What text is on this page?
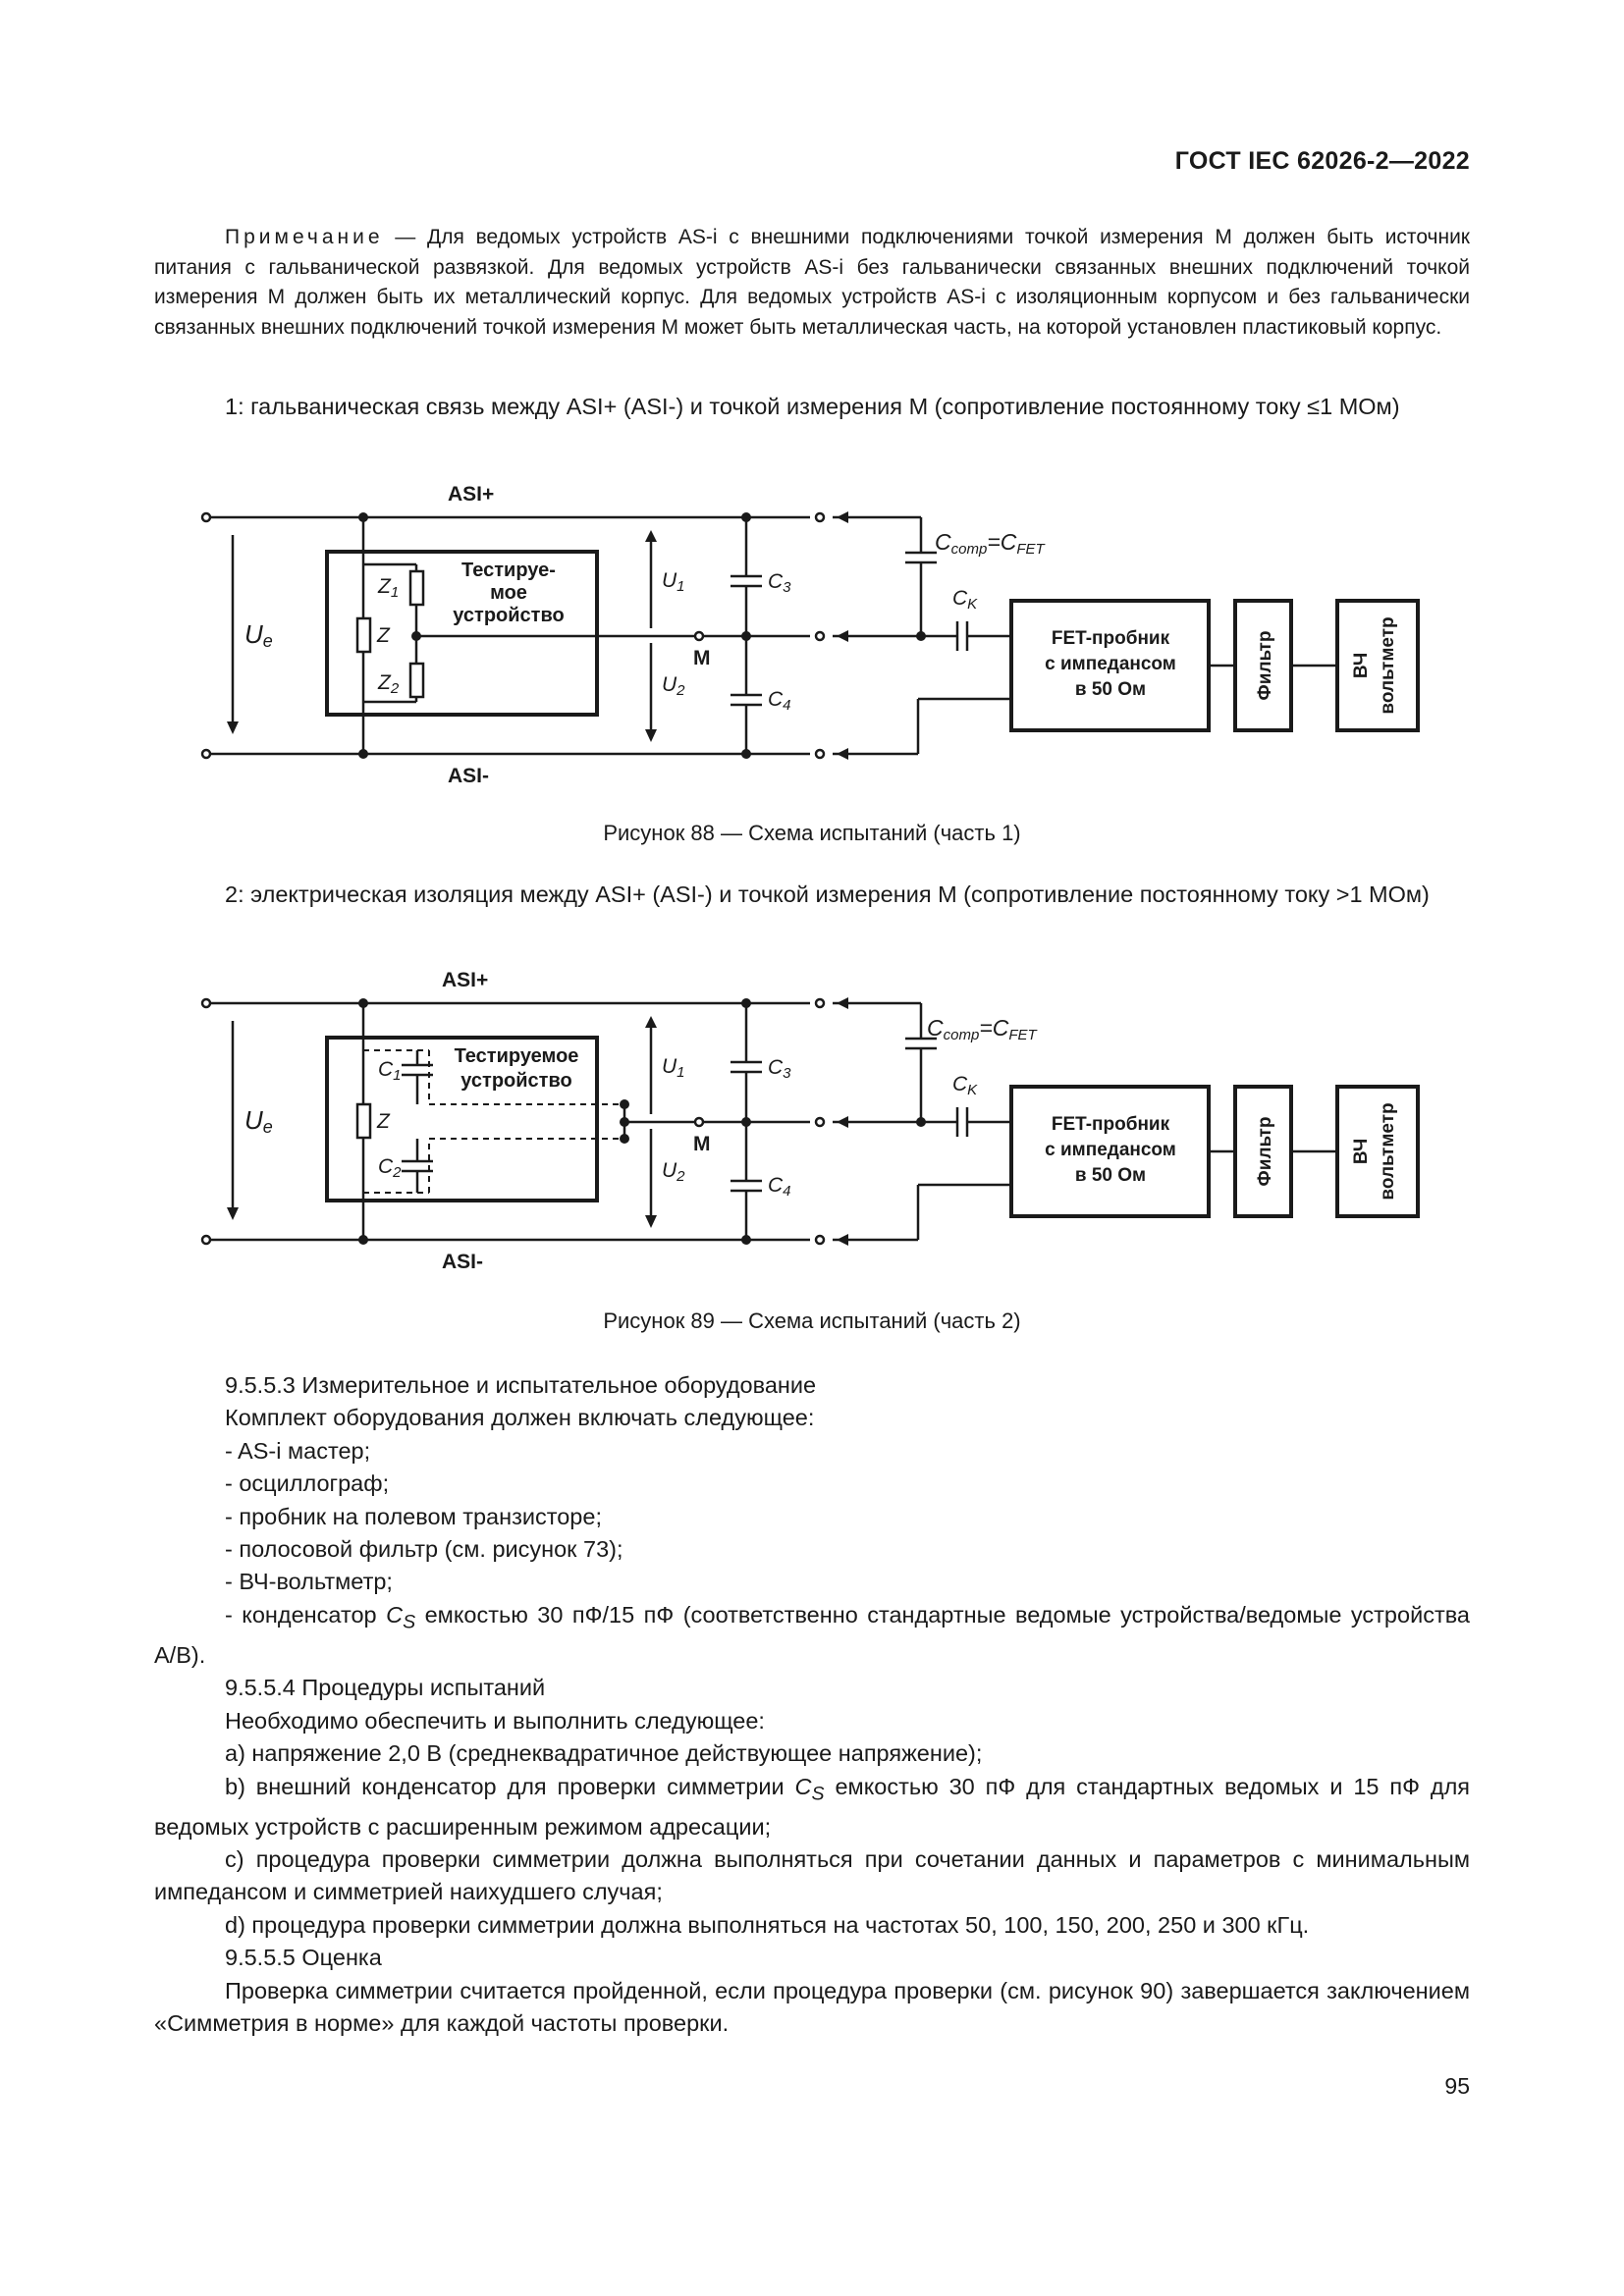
ГОСТ IEC 62026-2—2022
Примечание — Для ведомых устройств AS-i с внешними подключениями точкой измерения M должен быть источник питания с гальванической развязкой. Для ведомых устройств AS-i без гальванически связанных внешних подключений точкой измерения M должен быть их металлический корпус. Для ведомых устройств AS-i с изоляционным корпусом и без гальванически связанных внешних подключений точкой измерения M может быть металлическая часть, на которой установлен пластиковый корпус.
1: гальваническая связь между ASI+ (ASI-) и точкой измерения M (сопротивление постоянному току ≤1 МОм)
ASI+
ASI-
Ue
Z1
Z
Z2
Тестируе-
мое
устройство
U1
U2
M
C3
C4
Ccomp=CFET
CK
FET-пробник
с импедансом
в 50 Ом	Фильтр	ВЧ вольтметр
Рисунок 88 — Схема испытаний (часть 1)
2: электрическая изоляция между ASI+ (ASI-) и точкой измерения M (сопротивление постоянному току >1 МОм)
ASI+
ASI-
Ue
C1
Z
C2
Тестируемое
устройство
U1
U2
M
C3
C4
Ccomp=CFET
CK
FET-пробник
с импедансом
в 50 Ом	Фильтр	ВЧ вольтметр
Рисунок 89 — Схема испытаний (часть 2)

9.5.5.3 Измерительное и испытательное оборудование

Комплект оборудования должен включать следующее:

- AS-i мастер;

- осциллограф;

- пробник на полевом транзисторе;

- полосовой фильтр (см. рисунок 73);

- ВЧ-вольтметр;

- конденсатор $C_S$ емкостью 30 пФ/15 пФ (соответственно стандартные ведомые устройства/ведомые устройства A/B).

9.5.5.4 Процедуры испытаний

Необходимо обеспечить и выполнить следующее:

a) напряжение 2,0 В (среднеквадратичное действующее напряжение);

b) внешний конденсатор для проверки симметрии $C_S$ емкостью 30 пФ для стандартных ведомых и 15 пФ для ведомых устройств с расширенным режимом адресации;

c) процедура проверки симметрии должна выполняться при сочетании данных и параметров с минимальным импедансом и симметрией наихудшего случая;

d) процедура проверки симметрии должна выполняться на частотах 50, 100, 150, 200, 250 и 300 кГц.

9.5.5.5 Оценка

Проверка симметрии считается пройденной, если процедура проверки (см. рисунок 90) завершается заключением «Симметрия в норме» для каждой частоты проверки.

95
